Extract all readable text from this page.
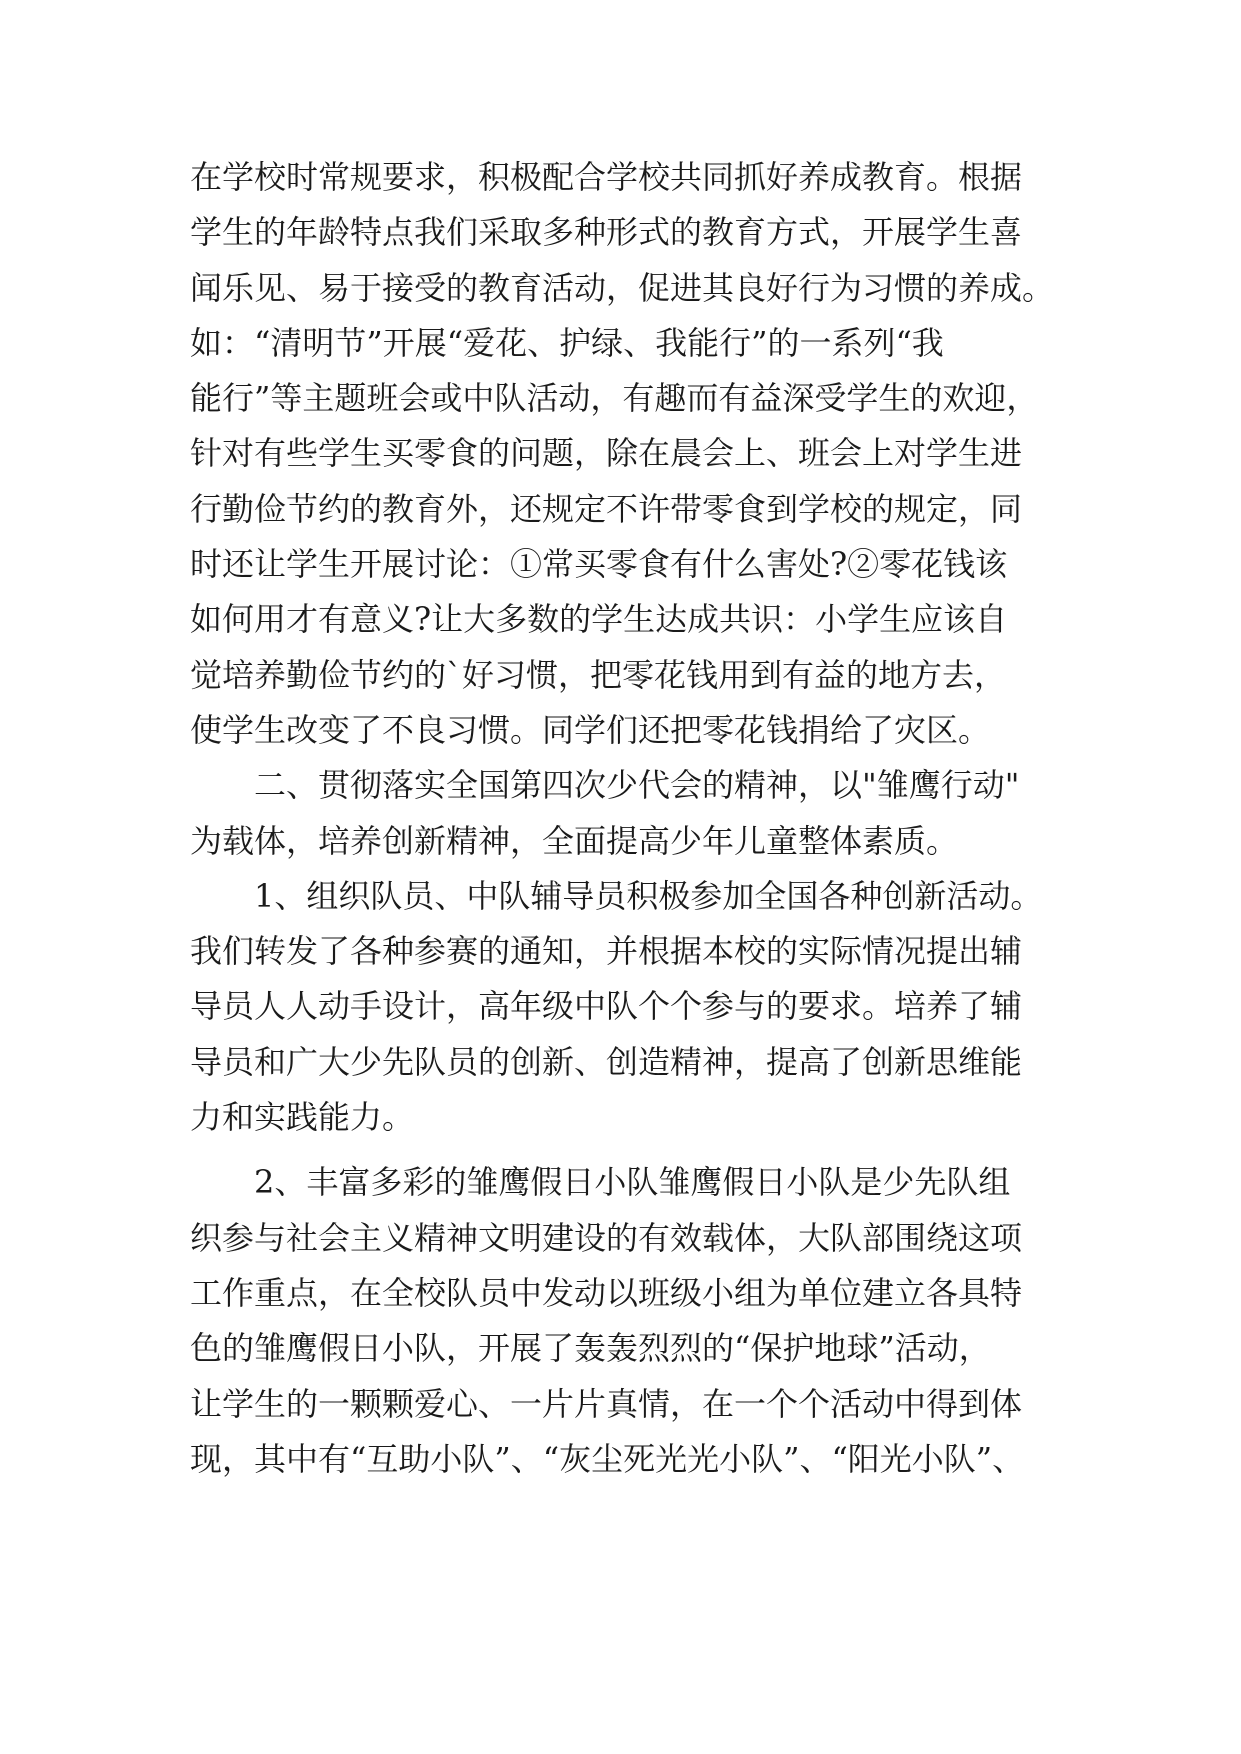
在学校时常规要求，积极配合学校共同抓好养成教育。根据
学生的年龄特点我们采取多种形式的教育方式，开展学生喜
闻乐见、易于接受的教育活动，促进其良好行为习惯的养成。
如：“清明节”开展“爱花、护绿、我能行”的一系列“我
能行”等主题班会或中队活动，有趣而有益深受学生的欢迎，
针对有些学生买零食的问题，除在晨会上、班会上对学生进
行勤俭节约的教育外，还规定不许带零食到学校的规定，同
时还让学生开展讨论：①常买零食有什么害处?②零花钱该
如何用才有意义?让大多数的学生达成共识：小学生应该自
觉培养勤俭节约的`好习惯，把零花钱用到有益的地方去，
使学生改变了不良习惯。同学们还把零花钱捐给了灾区。
　　二、贯彻落实全国第四次少代会的精神，以"雏鹰行动"
为载体，培养创新精神，全面提高少年儿童整体素质。
　　1、组织队员、中队辅导员积极参加全国各种创新活动。
我们转发了各种参赛的通知，并根据本校的实际情况提出辅
导员人人动手设计，高年级中队个个参与的要求。培养了辅
导员和广大少先队员的创新、创造精神，提高了创新思维能
力和实践能力。
　　2、丰富多彩的雏鹰假日小队雏鹰假日小队是少先队组
织参与社会主义精神文明建设的有效载体，大队部围绕这项
工作重点，在全校队员中发动以班级小组为单位建立各具特
色的雏鹰假日小队，开展了轰轰烈烈的“保护地球”活动，
让学生的一颗颗爱心、一片片真情，在一个个活动中得到体
现，其中有“互助小队”、“灰尘死光光小队”、“阳光小队”、
